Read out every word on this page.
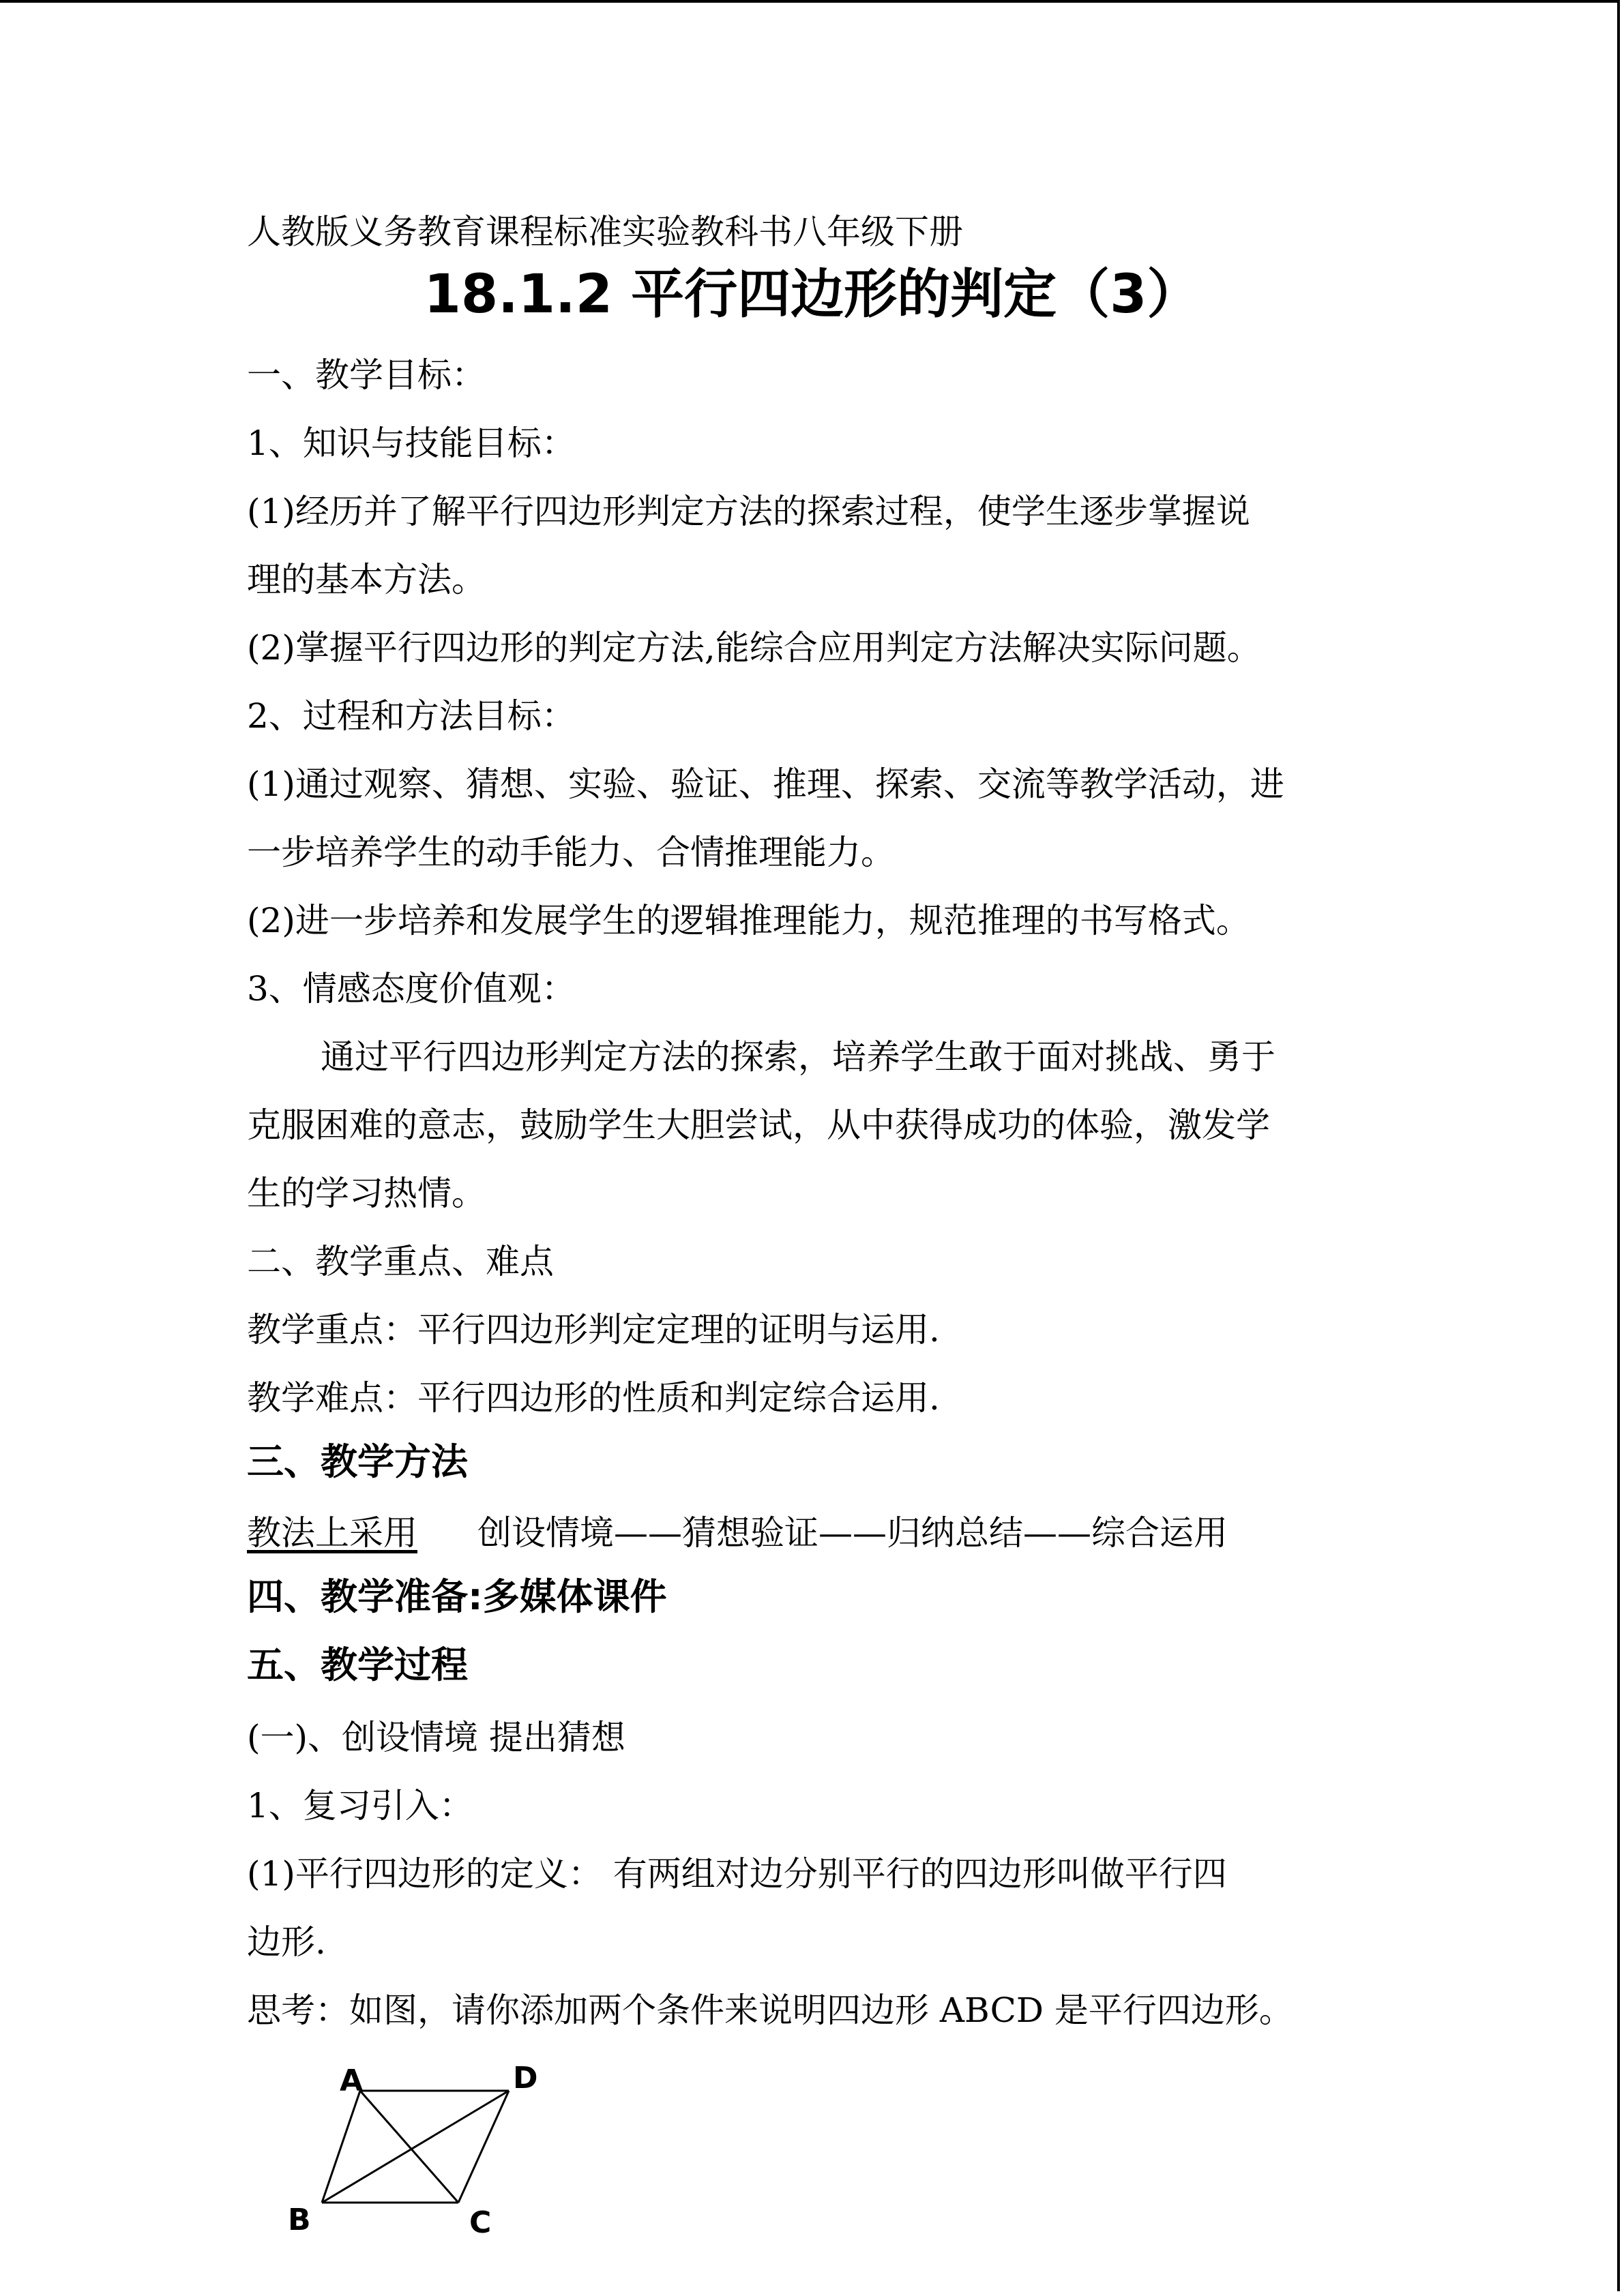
人教版义务教育课程标准实验教科书八年级下册
18.1.2 平行四边形的判定（3）
一、教学目标：
1、知识与技能目标：
(1)经历并了解平行四边形判定方法的探索过程，使学生逐步掌握说
理的基本方法。
(2)掌握平行四边形的判定方法,能综合应用判定方法解决实际问题。
2、过程和方法目标：
(1)通过观察、猜想、实验、验证、推理、探索、交流等教学活动，进
一步培养学生的动手能力、合情推理能力。
(2)进一步培养和发展学生的逻辑推理能力，规范推理的书写格式。
3、情感态度价值观：
通过平行四边形判定方法的探索，培养学生敢于面对挑战、勇于
克服困难的意志，鼓励学生大胆尝试，从中获得成功的体验，激发学
生的学习热情。
二、教学重点、难点
教学重点：平行四边形判定定理的证明与运用.
教学难点：平行四边形的性质和判定综合运用.
三、教学方法
教法上采用 创设情境——猜想验证——归纳总结——综合运用
四、教学准备:多媒体课件
五、教学过程
(一)、创设情境 提出猜想
1、复习引入：
(1)平行四边形的定义： 有两组对边分别平行的四边形叫做平行四
边形.
思考：如图，请你添加两个条件来说明四边形 ABCD 是平行四边形。
A	D
B	C
